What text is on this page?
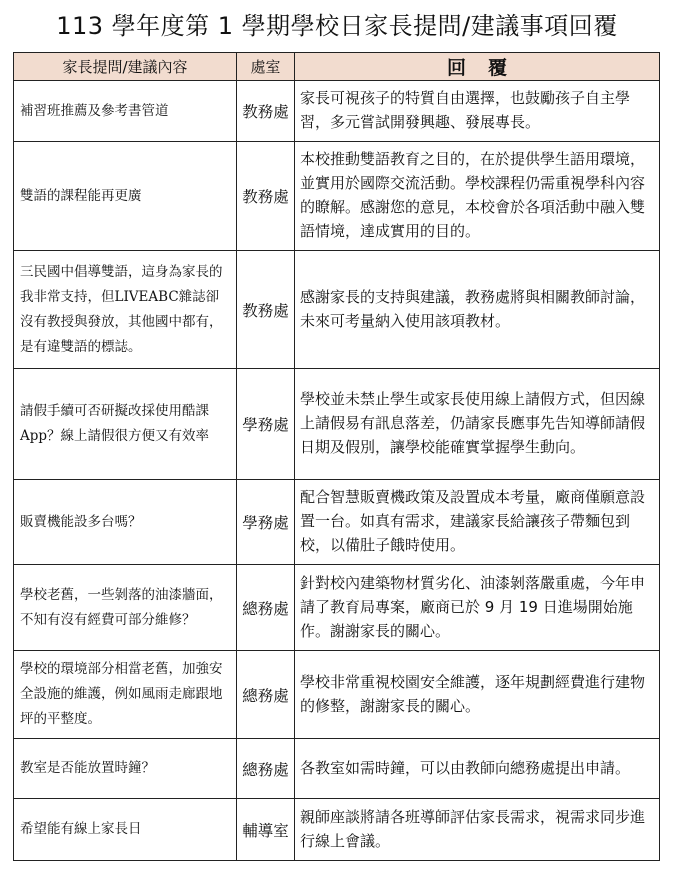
113 學年度第 1 學期學校日家長提問/建議事項回覆
家長提問/建議內容	處室	回覆
補習班推薦及參考書管道	教務處	家長可視孩子的特質自由選擇，也鼓勵孩子自主學習，多元嘗試開發興趣、發展專長。
雙語的課程能再更廣	教務處	本校推動雙語教育之目的，在於提供學生語用環境，並實用於國際交流活動。學校課程仍需重視學科內容的瞭解。感謝您的意見，本校會於各項活動中融入雙語情境，達成實用的目的。
三民國中倡導雙語，這身為家長的我非常支持，但LIVEABC雜誌卻沒有教授與發放，其他國中都有，是有違雙語的標誌。	教務處	感謝家長的支持與建議，教務處將與相關教師討論，未來可考量納入使用該項教材。
請假手續可否研擬改採使用酷課App？線上請假很方便又有效率	學務處	學校並未禁止學生或家長使用線上請假方式，但因線上請假易有訊息落差，仍請家長應事先告知導師請假日期及假別，讓學校能確實掌握學生動向。
販賣機能設多台嗎？	學務處	配合智慧販賣機政策及設置成本考量，廠商僅願意設置一台。如真有需求，建議家長給讓孩子帶麵包到校，以備肚子餓時使用。
學校老舊，一些剝落的油漆牆面，不知有沒有經費可部分維修？	總務處	針對校內建築物材質劣化、油漆剝落嚴重處，今年申請了教育局專案，廠商已於 9 月 19 日進場開始施作。謝謝家長的關心。
學校的環境部分相當老舊，加強安全設施的維護，例如風雨走廊跟地坪的平整度。	總務處	學校非常重視校園安全維護，逐年規劃經費進行建物的修整，謝謝家長的關心。
教室是否能放置時鐘？	總務處	各教室如需時鐘，可以由教師向總務處提出申請。
希望能有線上家長日	輔導室	親師座談將請各班導師評估家長需求，視需求同步進行線上會議。
